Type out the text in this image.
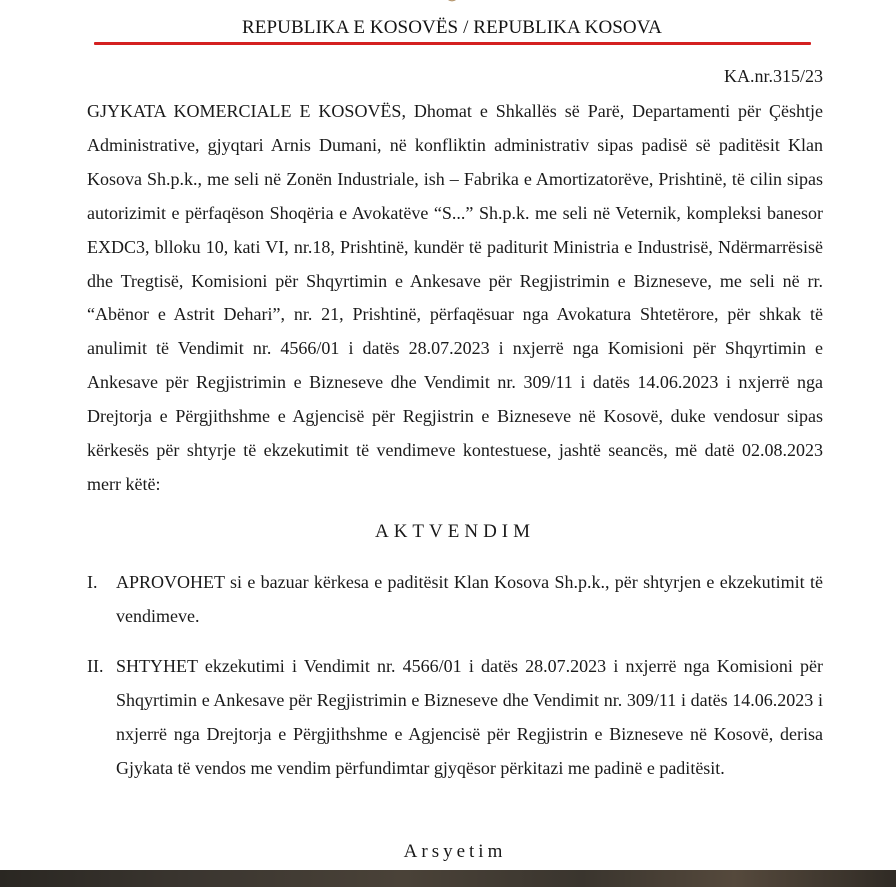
REPUBLIKA E KOSOVËS / REPUBLIKA KOSOVA
KA.nr.315/23

GJYKATA KOMERCIALE E KOSOVËS, Dhomat e Shkallës së Parë, Departamenti për Çështje Administrative, gjyqtari Arnis Dumani, në konfliktin administrativ sipas padisë së paditësit Klan Kosova Sh.p.k., me seli në Zonën Industriale, ish – Fabrika e Amortizatorëve, Prishtinë, të cilin sipas autorizimit e përfaqëson Shoqëria e Avokatëve “S...” Sh.p.k. me seli në Veternik, kompleksi banesor EXDC3, blloku 10, kati VI, nr.18, Prishtinë, kundër të paditurit Ministria e Industrisë, Ndërmarrësisë dhe Tregtisë, Komisioni për Shqyrtimin e Ankesave për Regjistrimin e Bizneseve, me seli në rr. “Abënor e Astrit Dehari”, nr. 21, Prishtinë, përfaqësuar nga Avokatura Shtetërore, për shkak të anulimit të Vendimit nr. 4566/01 i datës 28.07.2023 i nxjerrë nga Komisioni për Shqyrtimin e Ankesave për Regjistrimin e Bizneseve dhe Vendimit nr. 309/11 i datës 14.06.2023 i nxjerrë nga Drejtorja e Përgjithshme e Agjencisë për Regjistrin e Bizneseve në Kosovë, duke vendosur sipas kërkesës për shtyrje të ekzekutimit të vendimeve kontestuese, jashtë seancës, më datë 02.08.2023 merr këtë:

AKTVENDIM
I. APROVOHET si e bazuar kërkesa e paditësit Klan Kosova Sh.p.k., për shtyrjen e ekzekutimit të vendimeve.

II. SHTYHET ekzekutimi i Vendimit nr. 4566/01 i datës 28.07.2023 i nxjerrë nga Komisioni për Shqyrtimin e Ankesave për Regjistrimin e Bizneseve dhe Vendimit nr. 309/11 i datës 14.06.2023 i nxjerrë nga Drejtorja e Përgjithshme e Agjencisë për Regjistrin e Bizneseve në Kosovë, derisa Gjykata të vendos me vendim përfundimtar gjyqësor përkitazi me padinë e paditësit.

Arsyetim
